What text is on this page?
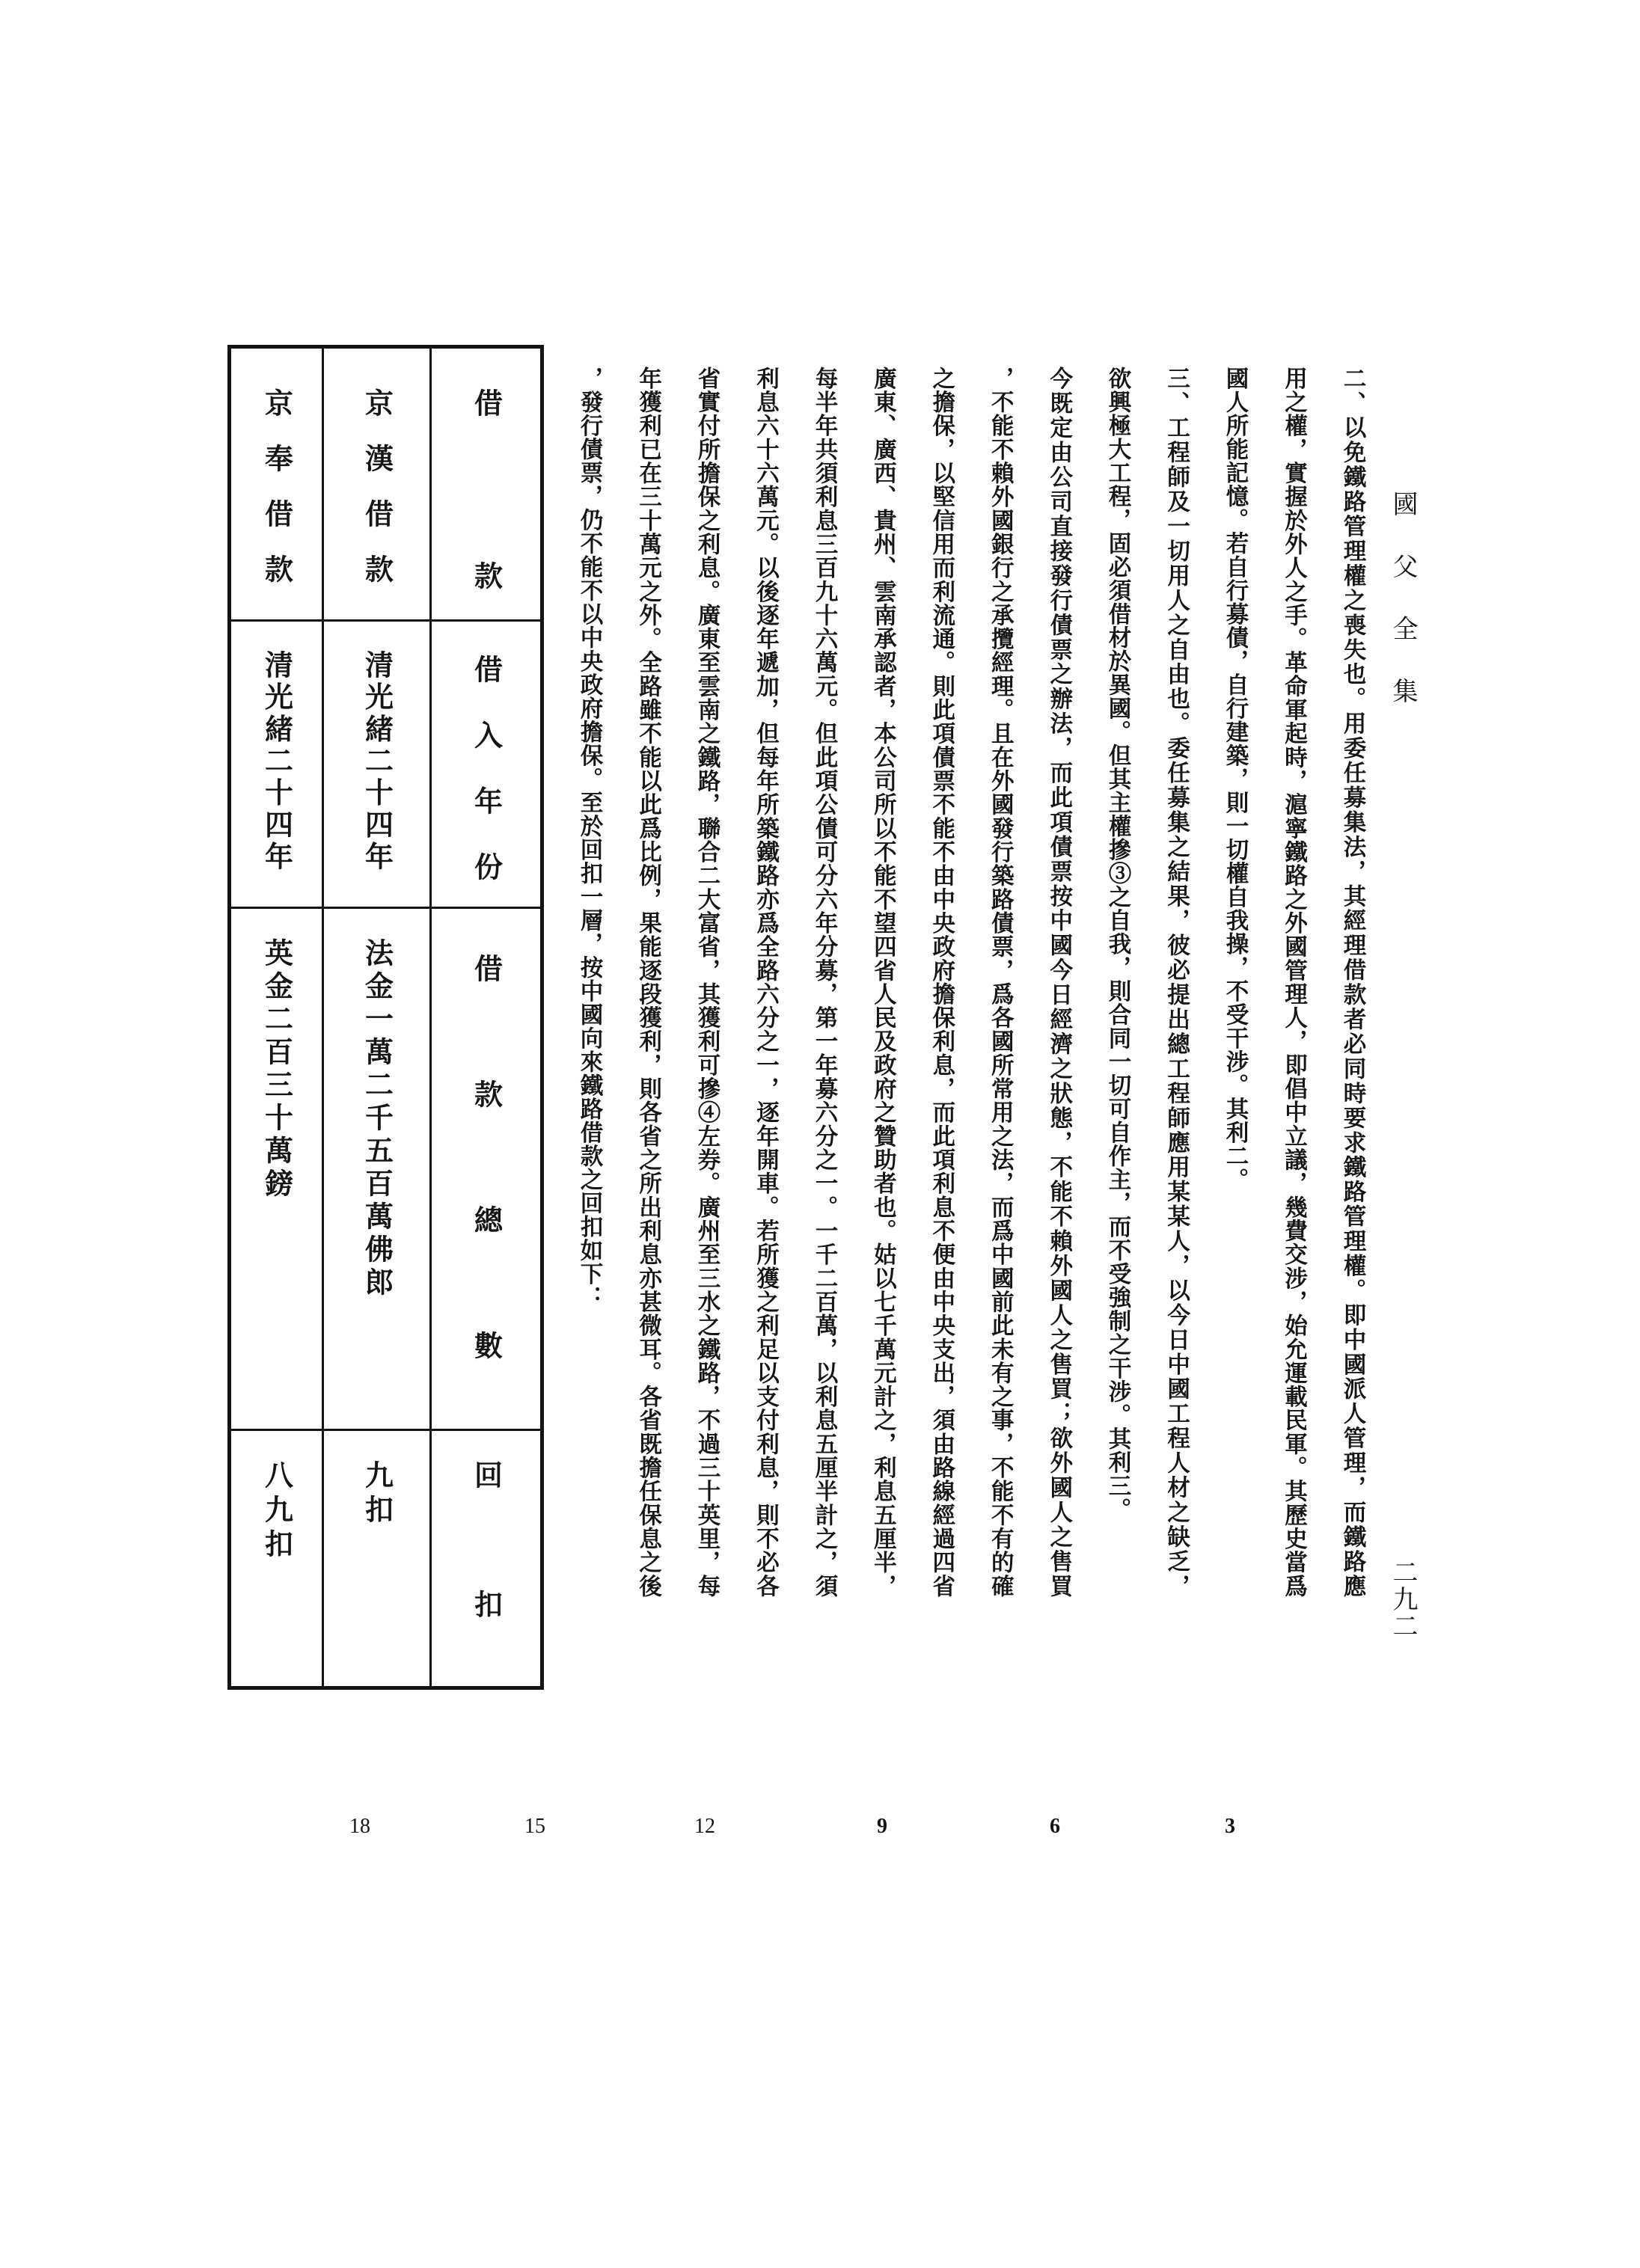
國父全集
二九二
二、以免鐵路管理權之喪失也。用委任募集法，其經理借款者必同時要求鐵路管理權。即中國派人管理，而鐵路應
用之權，實握於外人之手。革命軍起時，滬寧鐵路之外國管理人，即倡中立議，幾費交涉，始允運載民軍。其歷史當爲
國人所能記憶。若自行募債，自行建築，則一切權自我操，不受干涉。其利二。
三、工程師及一切用人之自由也。委任募集之結果，彼必提出總工程師應用某某人，以今日中國工程人材之缺乏，
欲興極大工程，固必須借材於異國。但其主權摻③之自我，則合同一切可自作主，而不受強制之干涉。其利三。
今既定由公司直接發行債票之辦法，而此項債票按中國今日經濟之狀態，不能不賴外國人之售買；欲外國人之售買
，不能不賴外國銀行之承攬經理。且在外國發行築路債票，爲各國所常用之法，而爲中國前此未有之事，不能不有的確
之擔保，以堅信用而利流通。則此項債票不能不由中央政府擔保利息，而此項利息不便由中央支出，須由路線經過四省
廣東、廣西、貴州、雲南承認者，本公司所以不能不望四省人民及政府之贊助者也。姑以七千萬元計之，利息五厘半，
每半年共須利息三百九十六萬元。但此項公債可分六年分募，第一年募六分之一。一千二百萬，以利息五厘半計之，須
利息六十六萬元。以後逐年遞加，但每年所築鐵路亦爲全路六分之一，逐年開車。若所獲之利足以支付利息，則不必各
省實付所擔保之利息。廣東至雲南之鐵路，聯合二大富省，其獲利可摻④左券。廣州至三水之鐵路，不過三十英里，每
年獲利已在三十萬元之外。全路雖不能以此爲比例，果能逐段獲利，則各省之所出利息亦甚微耳。各省既擔任保息之後
，發行債票，仍不能不以中央政府擔保。至於回扣一層，按中國向來鐵路借款之回扣如下：
借款
借入年份
借款總數
回扣
京漢借款
清光緒二十四年
法金一萬二千五百萬佛郎
九扣
京奉借款
清光緒二十四年
英金二百三十萬鎊
八九扣
3
6
9
12
15
18
